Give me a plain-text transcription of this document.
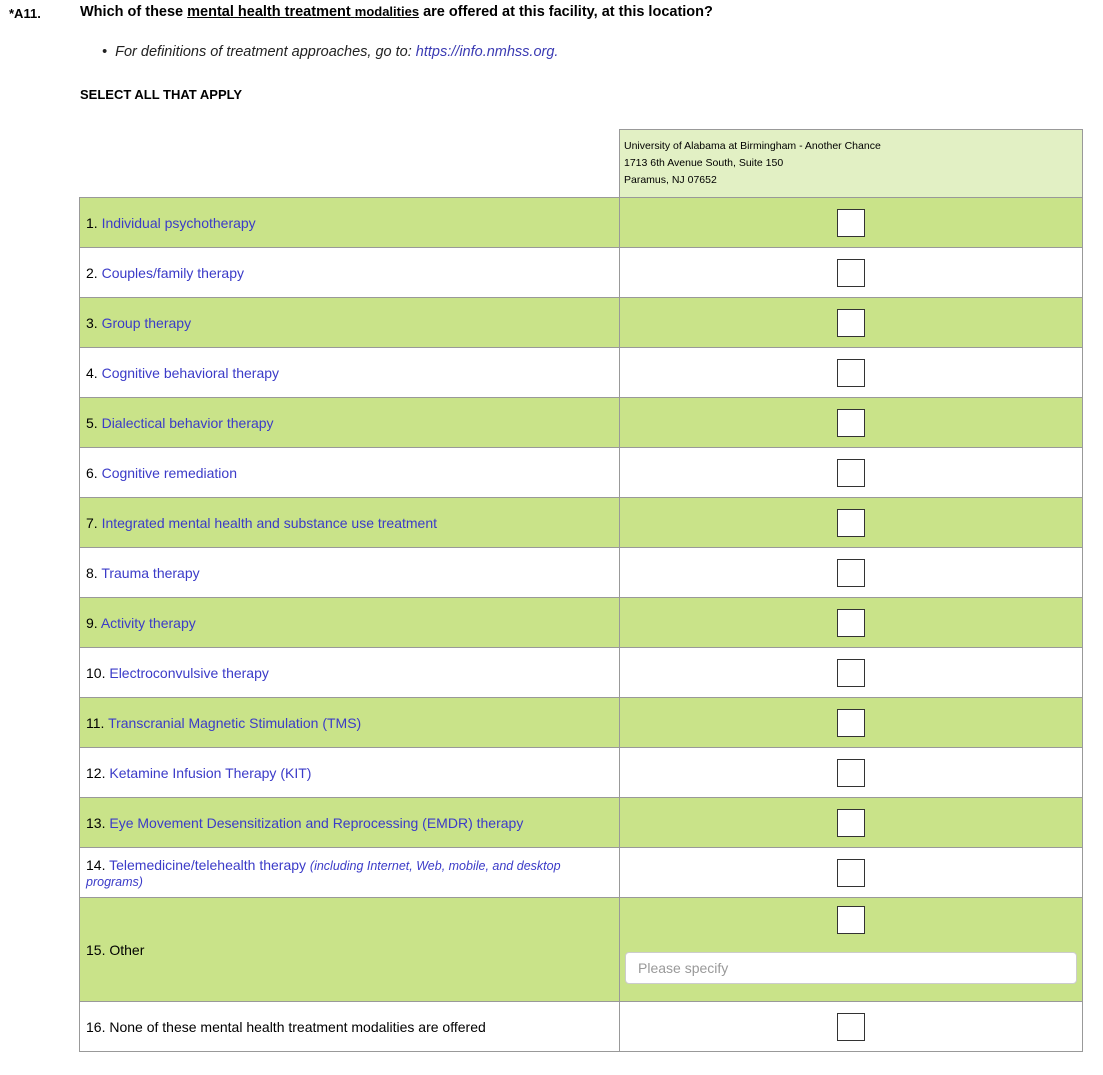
*A11.	Which of these mental health treatment modalities are offered at this facility, at this location?
•  For definitions of treatment approaches, go to: https://info.nmhss.org.
SELECT ALL THAT APPLY

	University of Alabama at Birmingham - Another Chance
1713 6th Avenue South, Suite 150
Paramus, NJ 07652

1. Individual psychotherapy	
2. Couples/family therapy	
3. Group therapy	
4. Cognitive behavioral therapy	
5. Dialectical behavior therapy	
6. Cognitive remediation	
7. Integrated mental health and substance use treatment	
8. Trauma therapy	
9. Activity therapy	
10. Electroconvulsive therapy	
11. Transcranial Magnetic Stimulation (TMS)	
12. Ketamine Infusion Therapy (KIT)	
13. Eye Movement Desensitization and Reprocessing (EMDR) therapy	
14. Telemedicine/telehealth therapy (including Internet, Web, mobile, and desktop programs)	
15. Other	Please specify

16. None of these mental health treatment modalities are offered	
